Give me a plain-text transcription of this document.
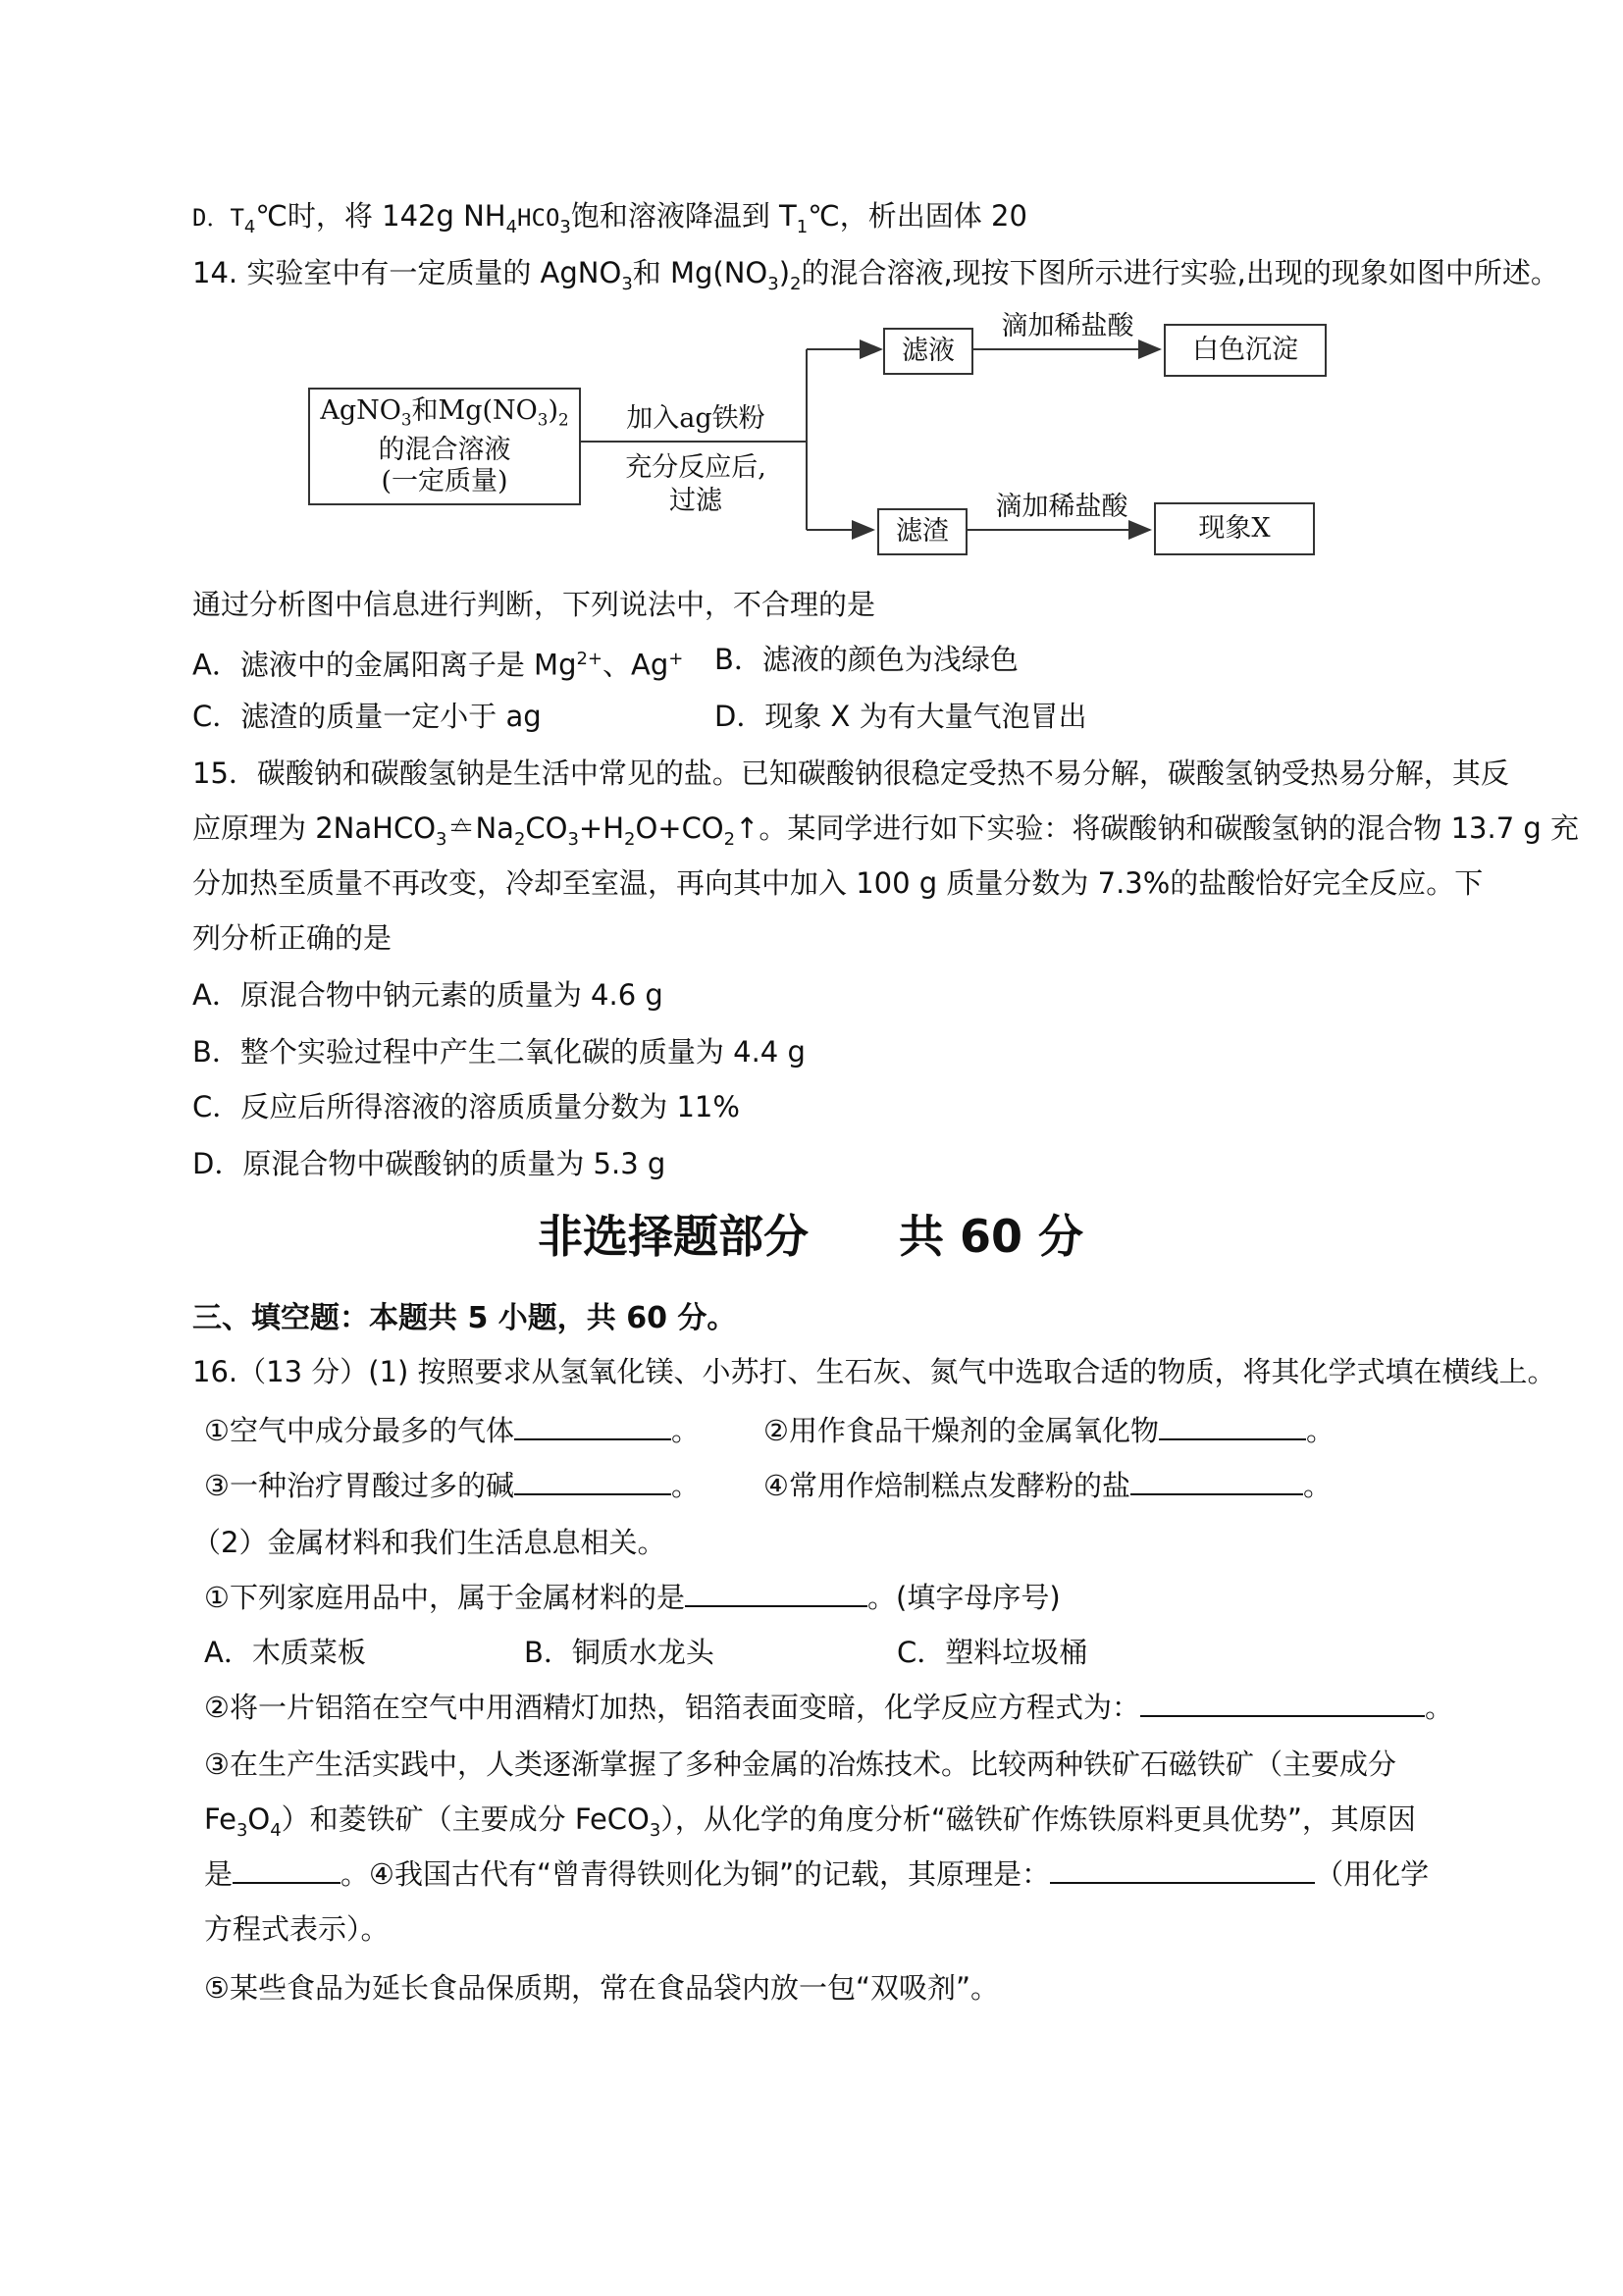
D．$T_4℃$时，将 142g $NH_4HCO_3$饱和溶液降温到 $T_1℃$，析出固体 20
14. 实验室中有一定质量的 AgNO$_3$和 $Mg(NO_3)_2$的混合溶液,现按下图所示进行实验,出现的现象如图中所述。
AgNO$_3$和$Mg(NO_3)_2$
的混合溶液
(一定质量)
加入ag铁粉
充分反应后,
过滤
滤液
滤渣
滴加稀盐酸
滴加稀盐酸
白色沉淀
现象X
通过分析图中信息进行判断，下列说法中，不合理的是
A．滤液中的金属阳离子是 $Mg^{2+}$、Ag+ B．滤液的颜色为浅绿色
C．滤渣的质量一定小于 ag	D．现象 X 为有大量气泡冒出
15．碳酸钠和碳酸氢钠是生活中常见的盐。已知碳酸钠很稳定受热不易分解，碳酸氢钠受热易分解，其反
应原理为 2NaHCO$_3$△ $=Na_2CO_3+H_2O+CO_2↑$。某同学进行如下实验：将碳酸钠和碳酸氢钠的混合物 13.7 g 充
分加热至质量不再改变，冷却至室温，再向其中加入 100 g 质量分数为 7.3%的盐酸恰好完全反应。下
列分析正确的是
A．原混合物中钠元素的质量为 4.6 g
B．整个实验过程中产生二氧化碳的质量为 4.4 g
C．反应后所得溶液的溶质质量分数为 11%
D．原混合物中碳酸钠的质量为 5.3 g
非选择题部分　　共 60 分
三、填空题：本题共 5 小题，共 60 分。
16.（13 分）(1) 按照要求从氢氧化镁、小苏打、生石灰、氮气中选取合适的物质，将其化学式填在横线上。
①空气中成分最多的气体	。 ②用作食品干燥剂的金属氧化物	。
③一种治疗胃酸过多的碱	。 ④常用作焙制糕点发酵粉的盐	。
（2）金属材料和我们生活息息相关。
①下列家庭用品中，属于金属材料的是	。(填字母序号)
A．木质菜板	B．铜质水龙头	C．塑料垃圾桶
②将一片铝箔在空气中用酒精灯加热，铝箔表面变暗，化学反应方程式为：	。
③在生产生活实践中，人类逐渐掌握了多种金属的冶炼技术。比较两种铁矿石磁铁矿（主要成分
$Fe_3O_4$）和菱铁矿（主要成分 FeCO$_3$），从化学的角度分析“磁铁矿作炼铁原料更具优势”，其原因
是	。④我国古代有“曾青得铁则化为铜”的记载，其原理是：	（用化学
方程式表示）。
⑤某些食品为延长食品保质期，常在食品袋内放一包“双吸剂”。
